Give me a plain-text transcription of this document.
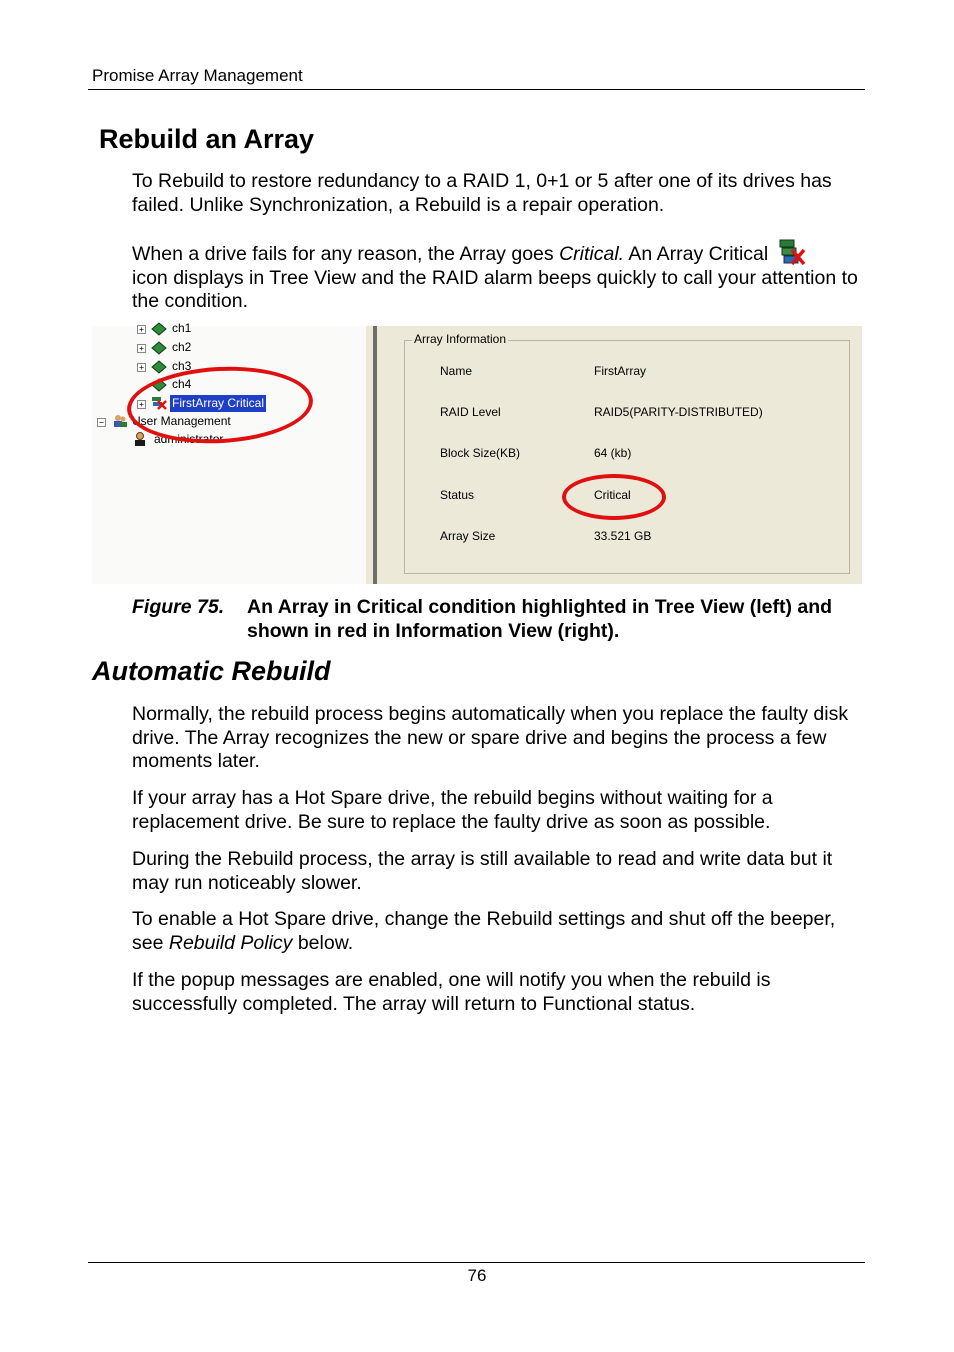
Promise Array Management
Rebuild an Array

To Rebuild to restore redundancy to a RAID 1, 0+1 or 5 after one of its drives has failed. Unlike Synchronization, a Rebuild is a repair operation.

When a drive fails for any reason, the Array goes Critical. An Array Critical
icon displays in Tree View and the RAID alarm beeps quickly to call your attention to the condition.

+ ch1
+ ch2
+ ch3
ch4
+ FirstArray Critical
− User Management
administrator
Array Information
Name	FirstArray
RAID Level	RAID5(PARITY-DISTRIBUTED)
Block Size(KB)	64 (kb)
Status	Critical
Array Size	33.521 GB
Figure 75. An Array in Critical condition highlighted in Tree View (left) and shown in red in Information View (right).
Automatic Rebuild

Normally, the rebuild process begins automatically when you replace the faulty disk drive. The Array recognizes the new or spare drive and begins the process a few moments later.

If your array has a Hot Spare drive, the rebuild begins without waiting for a replacement drive. Be sure to replace the faulty drive as soon as possible.

During the Rebuild process, the array is still available to read and write data but it may run noticeably slower.

To enable a Hot Spare drive, change the Rebuild settings and shut off the beeper, see Rebuild Policy below.

If the popup messages are enabled, one will notify you when the rebuild is successfully completed. The array will return to Functional status.

76
